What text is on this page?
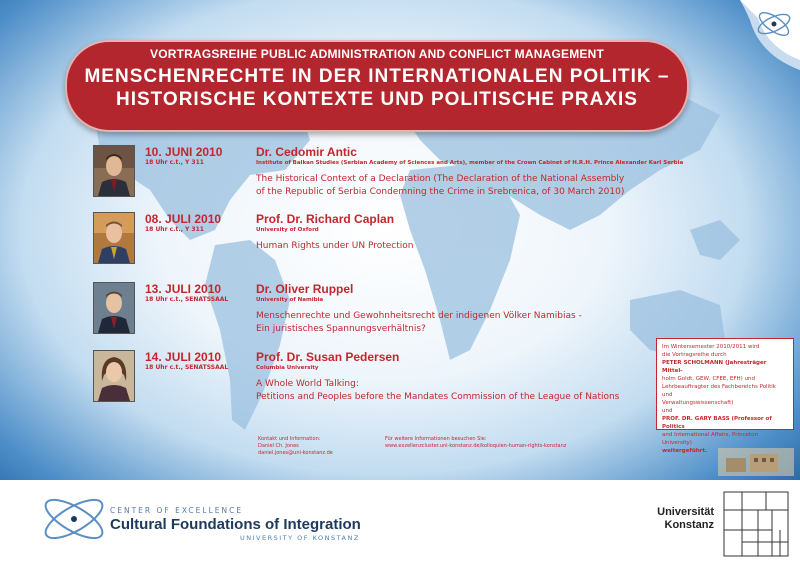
VORTRAGSREIHE PUBLIC ADMINISTRATION AND CONFLICT MANAGEMENT
MENSCHENRECHTE IN DER INTERNATIONALEN POLITIK –
HISTORISCHE KONTEXTE UND POLITISCHE PRAXIS
10. JUNI 2010
18 Uhr c.t., Y 311
Dr. Cedomir Antic
Institute of Balkan Studies (Serbian Academy of Sciences and Arts), member of the Crown Cabinet of H.R.H. Prince Alexander Karl Serbia
The Historical Context of a Declaration (The Declaration of the National Assembly
of the Republic of Serbia Condemning the Crime in Srebrenica, of 30 March 2010)
08. JULI 2010
18 Uhr c.t., Y 311
Prof. Dr. Richard Caplan
University of Oxford
Human Rights under UN Protection
13. JULI 2010
18 Uhr c.t., SENATSSAAL
Dr. Oliver Ruppel
University of Namibia
Menschenrechte und Gewohnheitsrecht der indigenen Völker Namibias -
Ein juristisches Spannungsverhältnis?
14. JULI 2010
18 Uhr c.t., SENATSSAAL
Prof. Dr. Susan Pedersen
Columbia University
A Whole World Talking:
Petitions and Peoples before the Mandates Commission of the League of Nations
Im Wintersemester 2010/2011 wird
die Vortragsreihe durch
PETER SCHOLMANN (Jahresträger Mittel-
holm Goldt, GEW, CFEE, EFH) und
Lehrbeauftragter des Fachbereichs Politik und
Verwaltungswissenschaft)
und
PROF. DR. GARY BASS (Professor of Politics
and International Affairs, Princeton University)
weitergeführt.
Kontakt und Information:
Daniel Ch. Jones
daniel.jones@uni-konstanz.de
Für weitere Informationen besuchen Sie:
www.exzellenzcluster.uni-konstanz.de/kolloquien-human-rights-konstanz
CENTER OF EXCELLENCE
Cultural Foundations of Integration
UNIVERSITY OF KONSTANZ
Universität
Konstanz
